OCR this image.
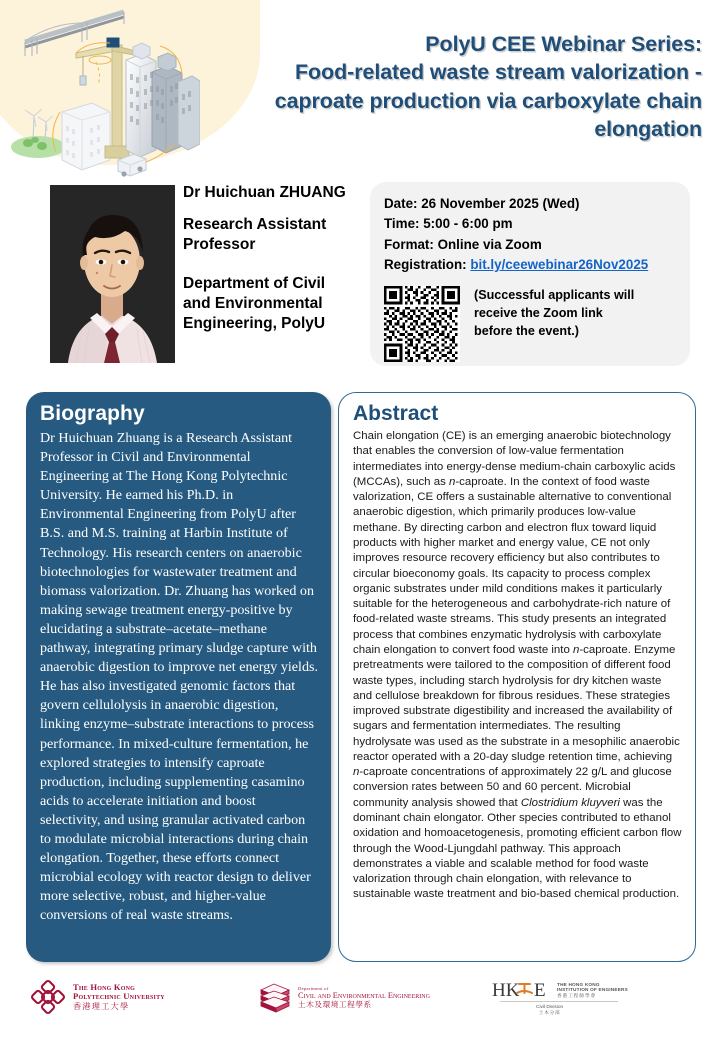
PolyU CEE Webinar Series:
Food-related waste stream valorization -
caproate production via carboxylate chain
elongation
Dr Huichuan ZHUANG
Research Assistant
Professor
Department of Civil
and Environmental
Engineering, PolyU
Date: 26 November 2025 (Wed)
Time: 5:00 - 6:00 pm
Format: Online via Zoom
Registration: bit.ly/ceewebinar26Nov2025
(Successful applicants will receive the Zoom link before the event.)
Biography

Dr Huichuan Zhuang is a Research Assistant Professor in Civil and Environmental Engineering at The Hong Kong Polytechnic University. He earned his Ph.D. in Environmental Engineering from PolyU after B.S. and M.S. training at Harbin Institute of Technology. His research centers on anaerobic biotechnologies for wastewater treatment and biomass valorization. Dr. Zhuang has worked on making sewage treatment energy-positive by elucidating a substrate–acetate–methane pathway, integrating primary sludge capture with anaerobic digestion to improve net energy yields. He has also investigated genomic factors that govern cellulolysis in anaerobic digestion, linking enzyme–substrate interactions to process performance. In mixed-culture fermentation, he explored strategies to intensify caproate production, including supplementing casamino acids to accelerate initiation and boost selectivity, and using granular activated carbon to modulate microbial interactions during chain elongation. Together, these efforts connect microbial ecology with reactor design to deliver more selective, robust, and higher-value conversions of real waste streams.

Abstract

Chain elongation (CE) is an emerging anaerobic biotechnology that enables the conversion of low-value fermentation intermediates into energy-dense medium-chain carboxylic acids (MCCAs), such as n-caproate. In the context of food waste valorization, CE offers a sustainable alternative to conventional anaerobic digestion, which primarily produces low-value methane. By directing carbon and electron flux toward liquid products with higher market and energy value, CE not only improves resource recovery efficiency but also contributes to circular bioeconomy goals. Its capacity to process complex organic substrates under mild conditions makes it particularly suitable for the heterogeneous and carbohydrate-rich nature of food-related waste streams. This study presents an integrated process that combines enzymatic hydrolysis with carboxylate chain elongation to convert food waste into n-caproate. Enzyme pretreatments were tailored to the composition of different food waste types, including starch hydrolysis for dry kitchen waste and cellulose breakdown for fibrous residues. These strategies improved substrate digestibility and increased the availability of sugars and fermentation intermediates. The resulting hydrolysate was used as the substrate in a mesophilic anaerobic reactor operated with a 20-day sludge retention time, achieving n-caproate concentrations of approximately 22 g/L and glucose conversion rates between 50 and 60 percent. Microbial community analysis showed that Clostridium kluyveri was the dominant chain elongator. Other species contributed to ethanol oxidation and homoacetogenesis, promoting efficient carbon flow through the Wood-Ljungdahl pathway. This approach demonstrates a viable and scalable method for food waste valorization through chain elongation, with relevance to sustainable waste treatment and bio-based chemical production.

The Hong Kong
Polytechnic University
香港理工大學
Department of
Civil and Environmental Engineering
土木及環境工程學系
HK E THE HONG KONG
INSTITUTION OF ENGINEERS
香港工程師學會
Civil Division
土木分部
